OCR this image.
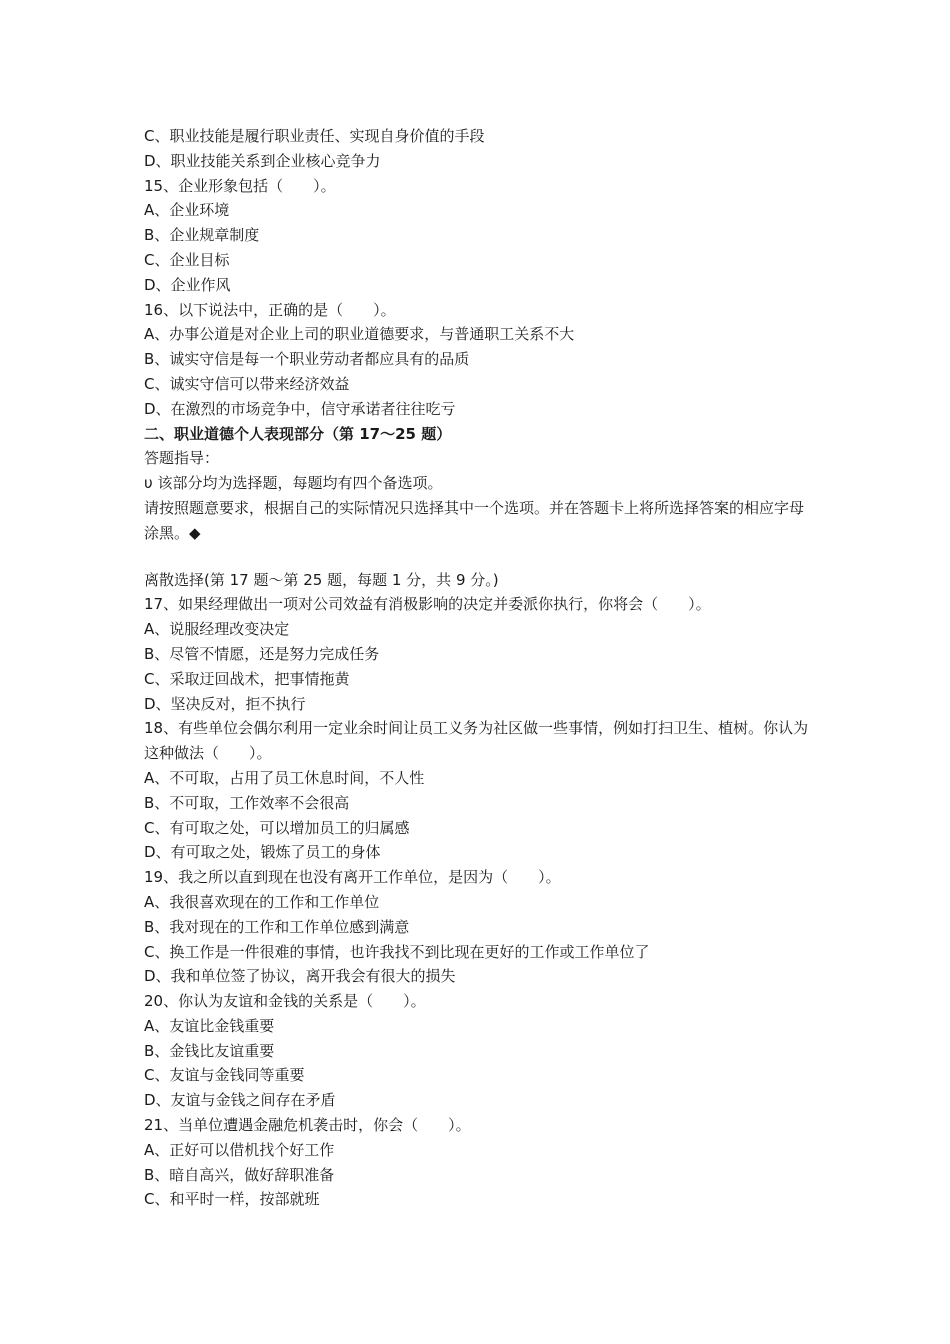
C、职业技能是履行职业责任、实现自身价值的手段
D、职业技能关系到企业核心竞争力
15、企业形象包括（　　）。
A、企业环境
B、企业规章制度
C、企业目标
D、企业作风
16、以下说法中，正确的是（　　）。
A、办事公道是对企业上司的职业道德要求，与普通职工关系不大
B、诚实守信是每一个职业劳动者都应具有的品质
C、诚实守信可以带来经济效益
D、在激烈的市场竞争中，信守承诺者往往吃亏
二、职业道德个人表现部分（第 17～25 题）
答题指导：
υ 该部分均为选择题，每题均有四个备选项。
请按照题意要求，根据自己的实际情况只选择其中一个选项。并在答题卡上将所选择答案的相应字母涂黑。◆
离散选择(第 17 题～第 25 题，每题 1 分，共 9 分。)
17、如果经理做出一项对公司效益有消极影响的决定并委派你执行，你将会（　　）。
A、说服经理改变决定
B、尽管不情愿，还是努力完成任务
C、采取迂回战术，把事情拖黄
D、坚决反对，拒不执行
18、有些单位会偶尔利用一定业余时间让员工义务为社区做一些事情，例如打扫卫生、植树。你认为这种做法（　　）。
A、不可取，占用了员工休息时间，不人性
B、不可取，工作效率不会很高
C、有可取之处，可以增加员工的归属感
D、有可取之处，锻炼了员工的身体
19、我之所以直到现在也没有离开工作单位，是因为（　　）。
A、我很喜欢现在的工作和工作单位
B、我对现在的工作和工作单位感到满意
C、换工作是一件很难的事情，也许我找不到比现在更好的工作或工作单位了
D、我和单位签了协议，离开我会有很大的损失
20、你认为友谊和金钱的关系是（　　）。
A、友谊比金钱重要
B、金钱比友谊重要
C、友谊与金钱同等重要
D、友谊与金钱之间存在矛盾
21、当单位遭遇金融危机袭击时，你会（　　）。
A、正好可以借机找个好工作
B、暗自高兴，做好辞职准备
C、和平时一样，按部就班
